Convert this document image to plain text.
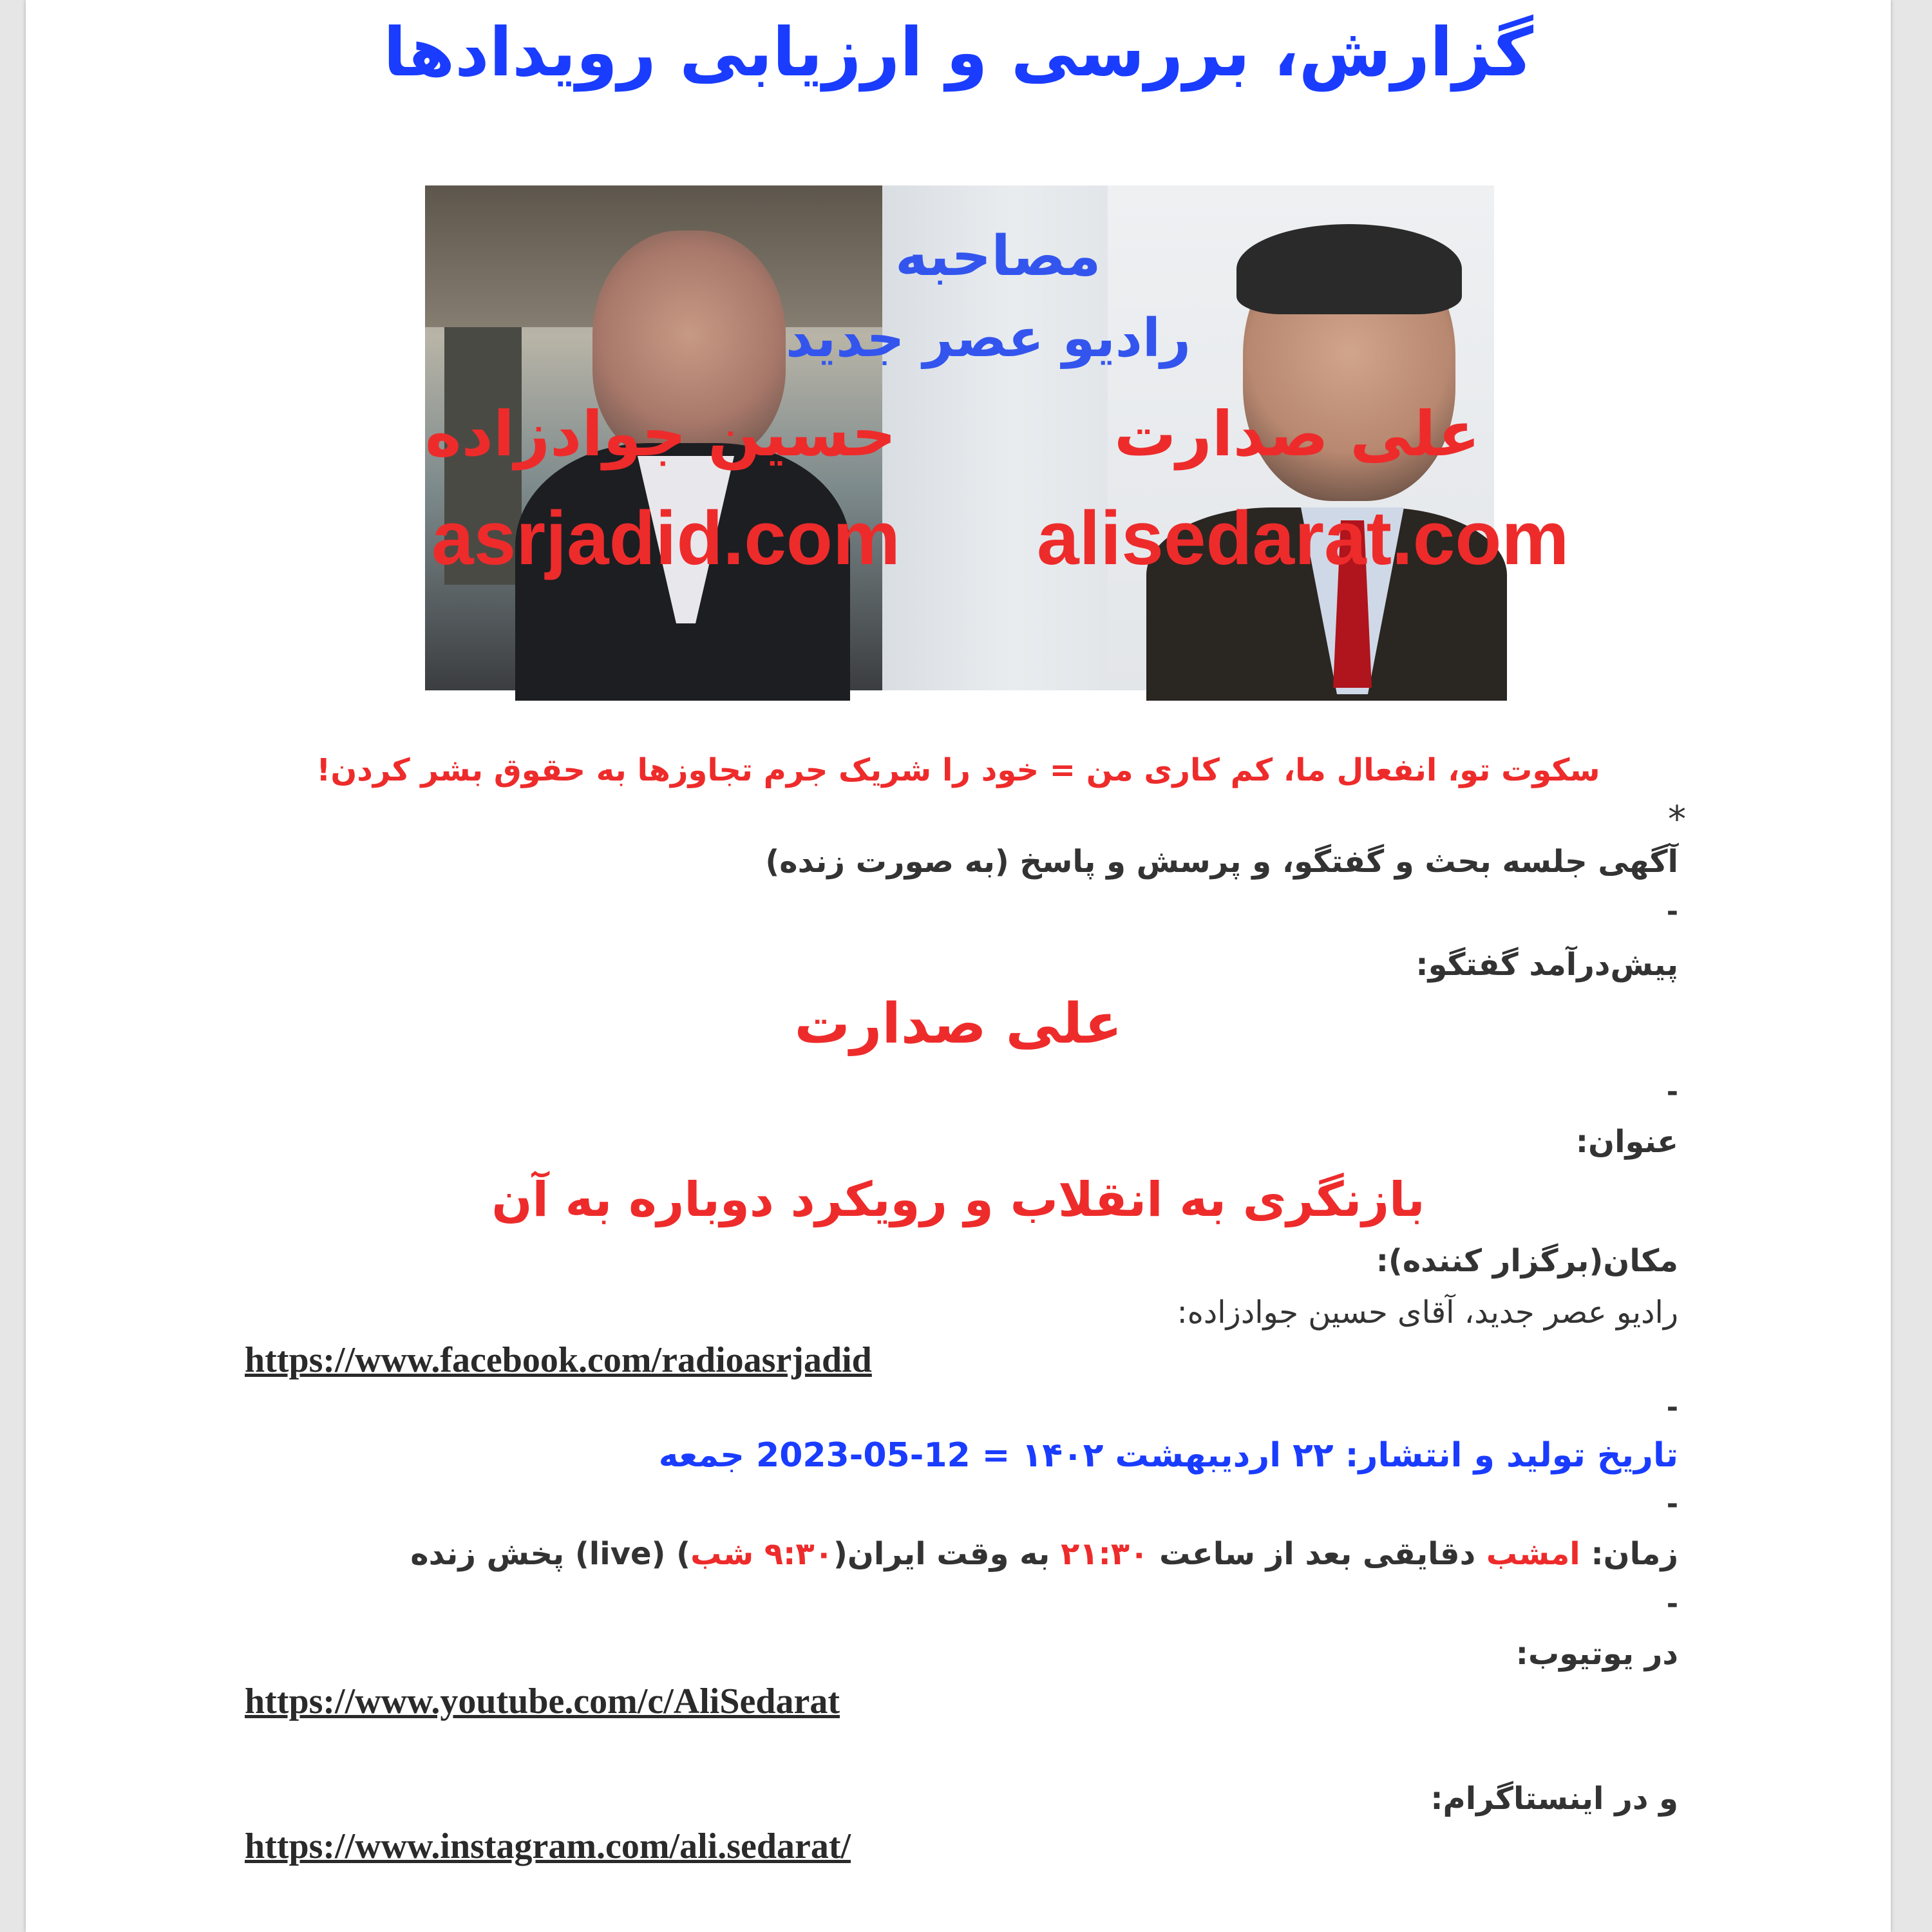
گزارش، بررسی و ارزیابی رویدادها
مصاحبه
رادیو عصر جدید
حسین جوادزاده	علی صدارت
asrjadid.com alisedarat.com
سکوت تو، انفعال ما، کم کاری من = خود را شریک جرم تجاوزها به حقوق بشر کردن!
*
آگهی جلسه بحث و گفتگو، و پرسش و پاسخ (به صورت زنده)
-
پیش‌درآمد گفتگو:
علی صدارت
-
عنوان:
بازنگری به انقلاب و رویکرد دوباره به آن
مکان(برگزار کننده):
رادیو عصر جدید، آقای حسین جوادزاده:
https://www.facebook.com/radioasrjadid
-
تاریخ تولید و انتشار: ۲۲ اردیبهشت ۱۴۰۲ = 12-05-2023 جمعه
-
زمان: امشب دقایقی بعد از ساعت ۲۱:۳۰ به وقت ایران(۹:۳۰ شب) (live) پخش زنده
-
در یوتیوب:
https://www.youtube.com/c/AliSedarat
و در اینستاگرام:
https://www.instagram.com/ali.sedarat/
